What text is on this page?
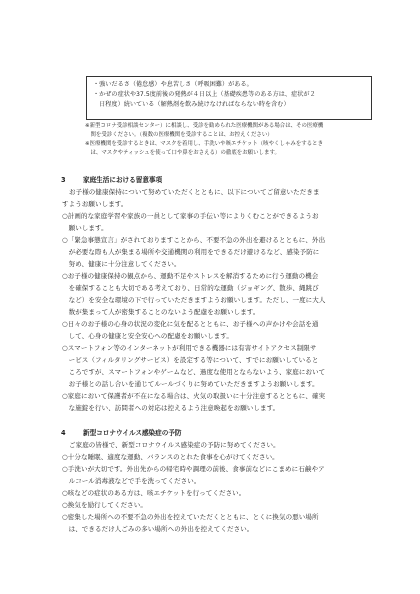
・強いだるさ（倦怠感）や息苦しさ（呼吸困難）がある。
・かぜの症状や37.5度前後の発熱が４日以上（基礎疾患等のある方は、症状が２
　日程度）続いている（解熱剤を飲み続けなければならない時を含む）
※新型コロナ受診相談センター）に相談し、受診を勧められた医療機関がある場合は、その医療機
　関を受診ください。（複数の医療機関を受診することは、お控えください）
※医療機関を受診するときは、マスクを着用し、手洗いや咳エチケット（咳やくしゃみをするとき
　は、マスクやティッシュを使って口や鼻をおさえる）の徹底をお願いします。
3	家庭生活における留意事項
お子様の健康保持について努めていただくとともに、以下についてご留意いただきま
すようお願いします。
○計画的な家庭学習や家族の一員として家事の手伝い等によりくむことができるようお
　願いします。
○「緊急事態宣言」がされておりますことから、不要不急の外出を避けるとともに、外出
　が必要な際も人が集まる場所や交通機関の利用をできるだけ避けるなど、感染予防に
　努め、健康に十分注意してください。
○お子様の健康保持の観点から、運動不足やストレスを解消するために行う運動の機会
　を確保することも大切である考えており、日常的な運動（ジョギング、散歩、縄跳び
　など）を安全な環境の下で行っていただきますようお願いします。ただし、一度に大人
　数が集まって人が密集することのないよう配慮をお願いします。
○日々のお子様の心身の状況の変化に気を配るとともに、お子様への声かけや会話を通
　して、心身の健康と安全安心への配慮をお願いします。
○スマートフォン等のインターネットが利用できる機器には有害サイトアクセス制限サ
　ービス（フィルタリングサービス）を設定する等について、すでにお願いしていると
　ころですが、スマートフォンやゲームなど、過度な使用とならないよう、家庭において
　お子様との話し合いを通じてルールづくりに努めていただきますようお願いします。
○家庭において保護者が不在になる場合は、火気の取扱いに十分注意するとともに、確実
　な施錠を行い、訪問者への対応は控えるよう注意喚起をお願いします。
4	新型コロナウイルス感染症の予防
ご家庭の皆様で、新型コロナウイルス感染症の予防に努めてください。
○十分な睡眠、適度な運動、バランスのとれた食事を心がけてください。
○手洗いが大切です。外出先からの帰宅時や調理の前後、食事前などにこまめに石鹸やア
　ルコール消毒液などで手を洗ってください。
○咳などの症状のある方は、咳エチケットを行ってください。
○換気を励行してください。
○密集した場所への不要不急の外出を控えていただくとともに、とくに換気の悪い場所
　は、できるだけ人ごみの多い場所への外出を控えてください。
